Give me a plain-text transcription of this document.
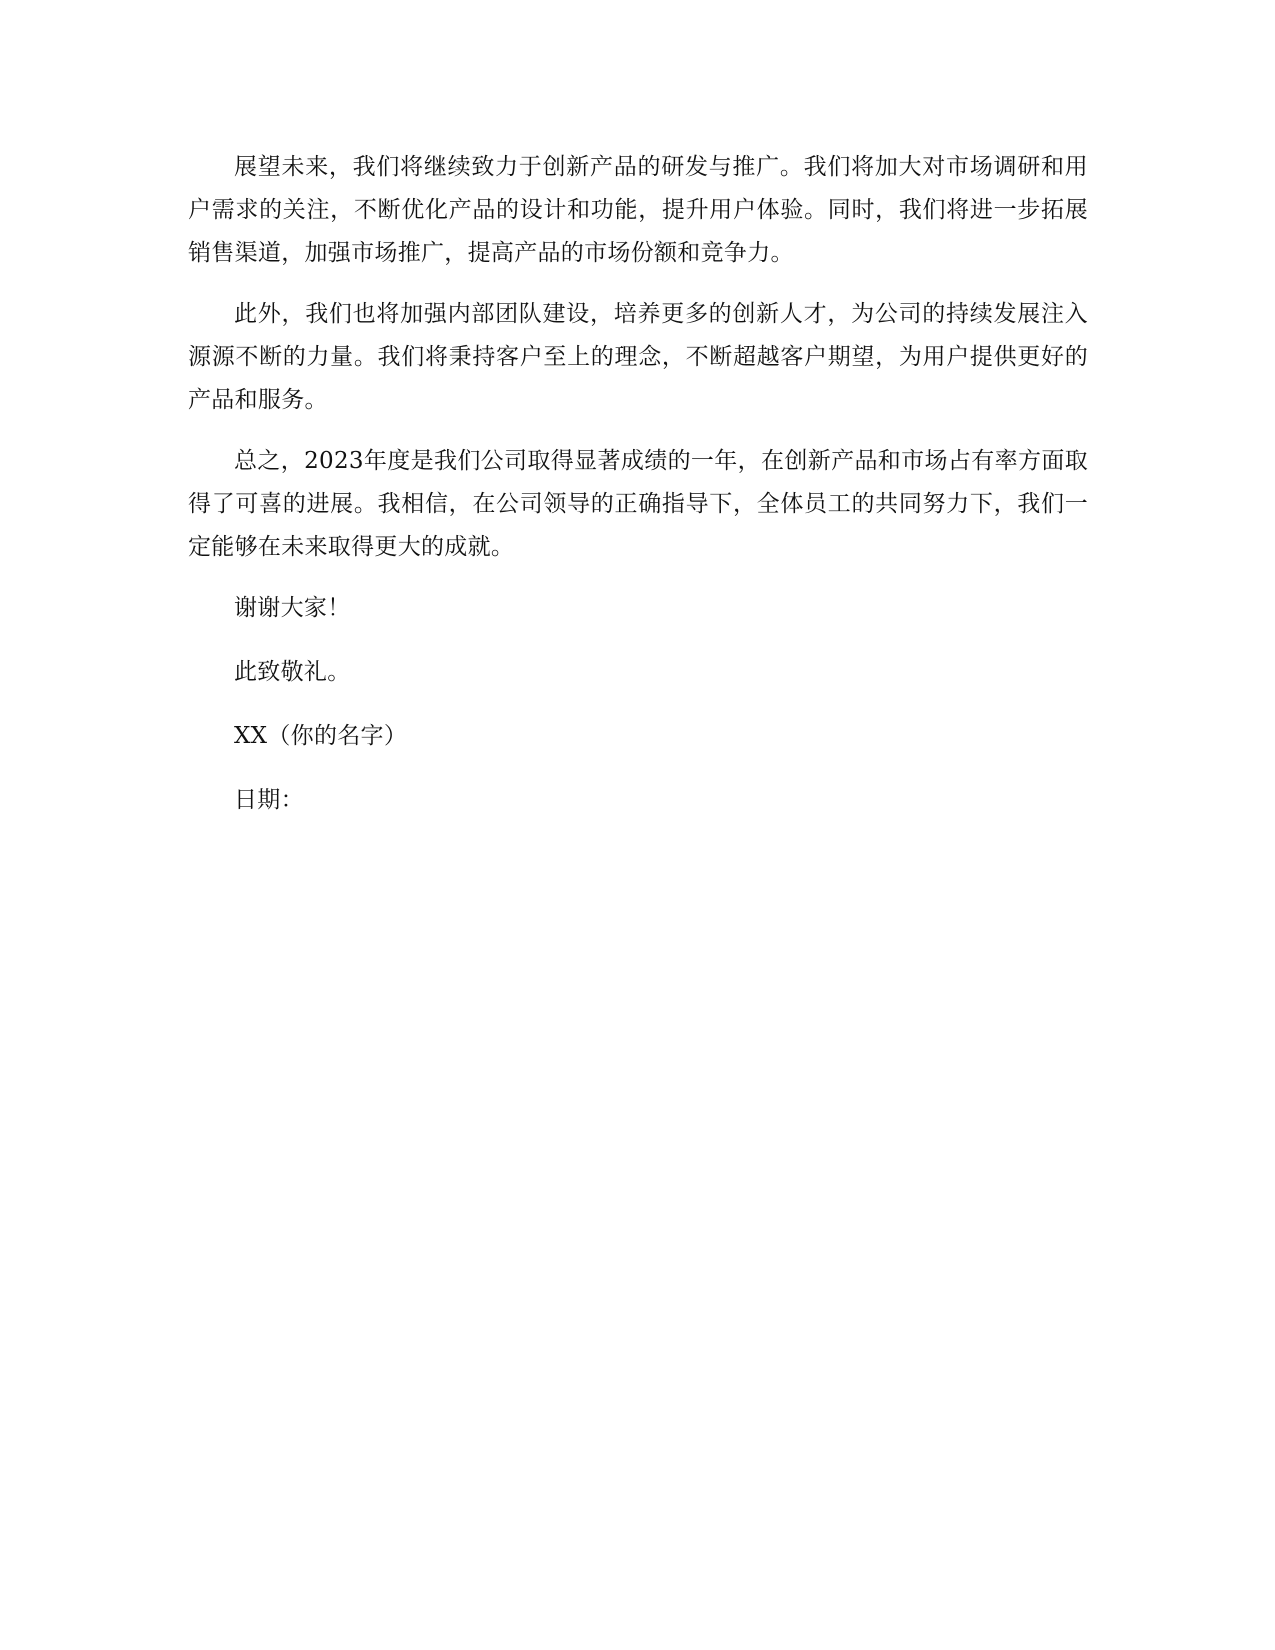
展望未来，我们将继续致力于创新产品的研发与推广。我们将加大对市场调研和用户需求的关注，不断优化产品的设计和功能，提升用户体验。同时，我们将进一步拓展销售渠道，加强市场推广，提高产品的市场份额和竞争力。

此外，我们也将加强内部团队建设，培养更多的创新人才，为公司的持续发展注入源源不断的力量。我们将秉持客户至上的理念，不断超越客户期望，为用户提供更好的产品和服务。

总之，2023年度是我们公司取得显著成绩的一年，在创新产品和市场占有率方面取得了可喜的进展。我相信，在公司领导的正确指导下，全体员工的共同努力下，我们一定能够在未来取得更大的成就。

谢谢大家！

此致敬礼。

XX（你的名字）

日期：
